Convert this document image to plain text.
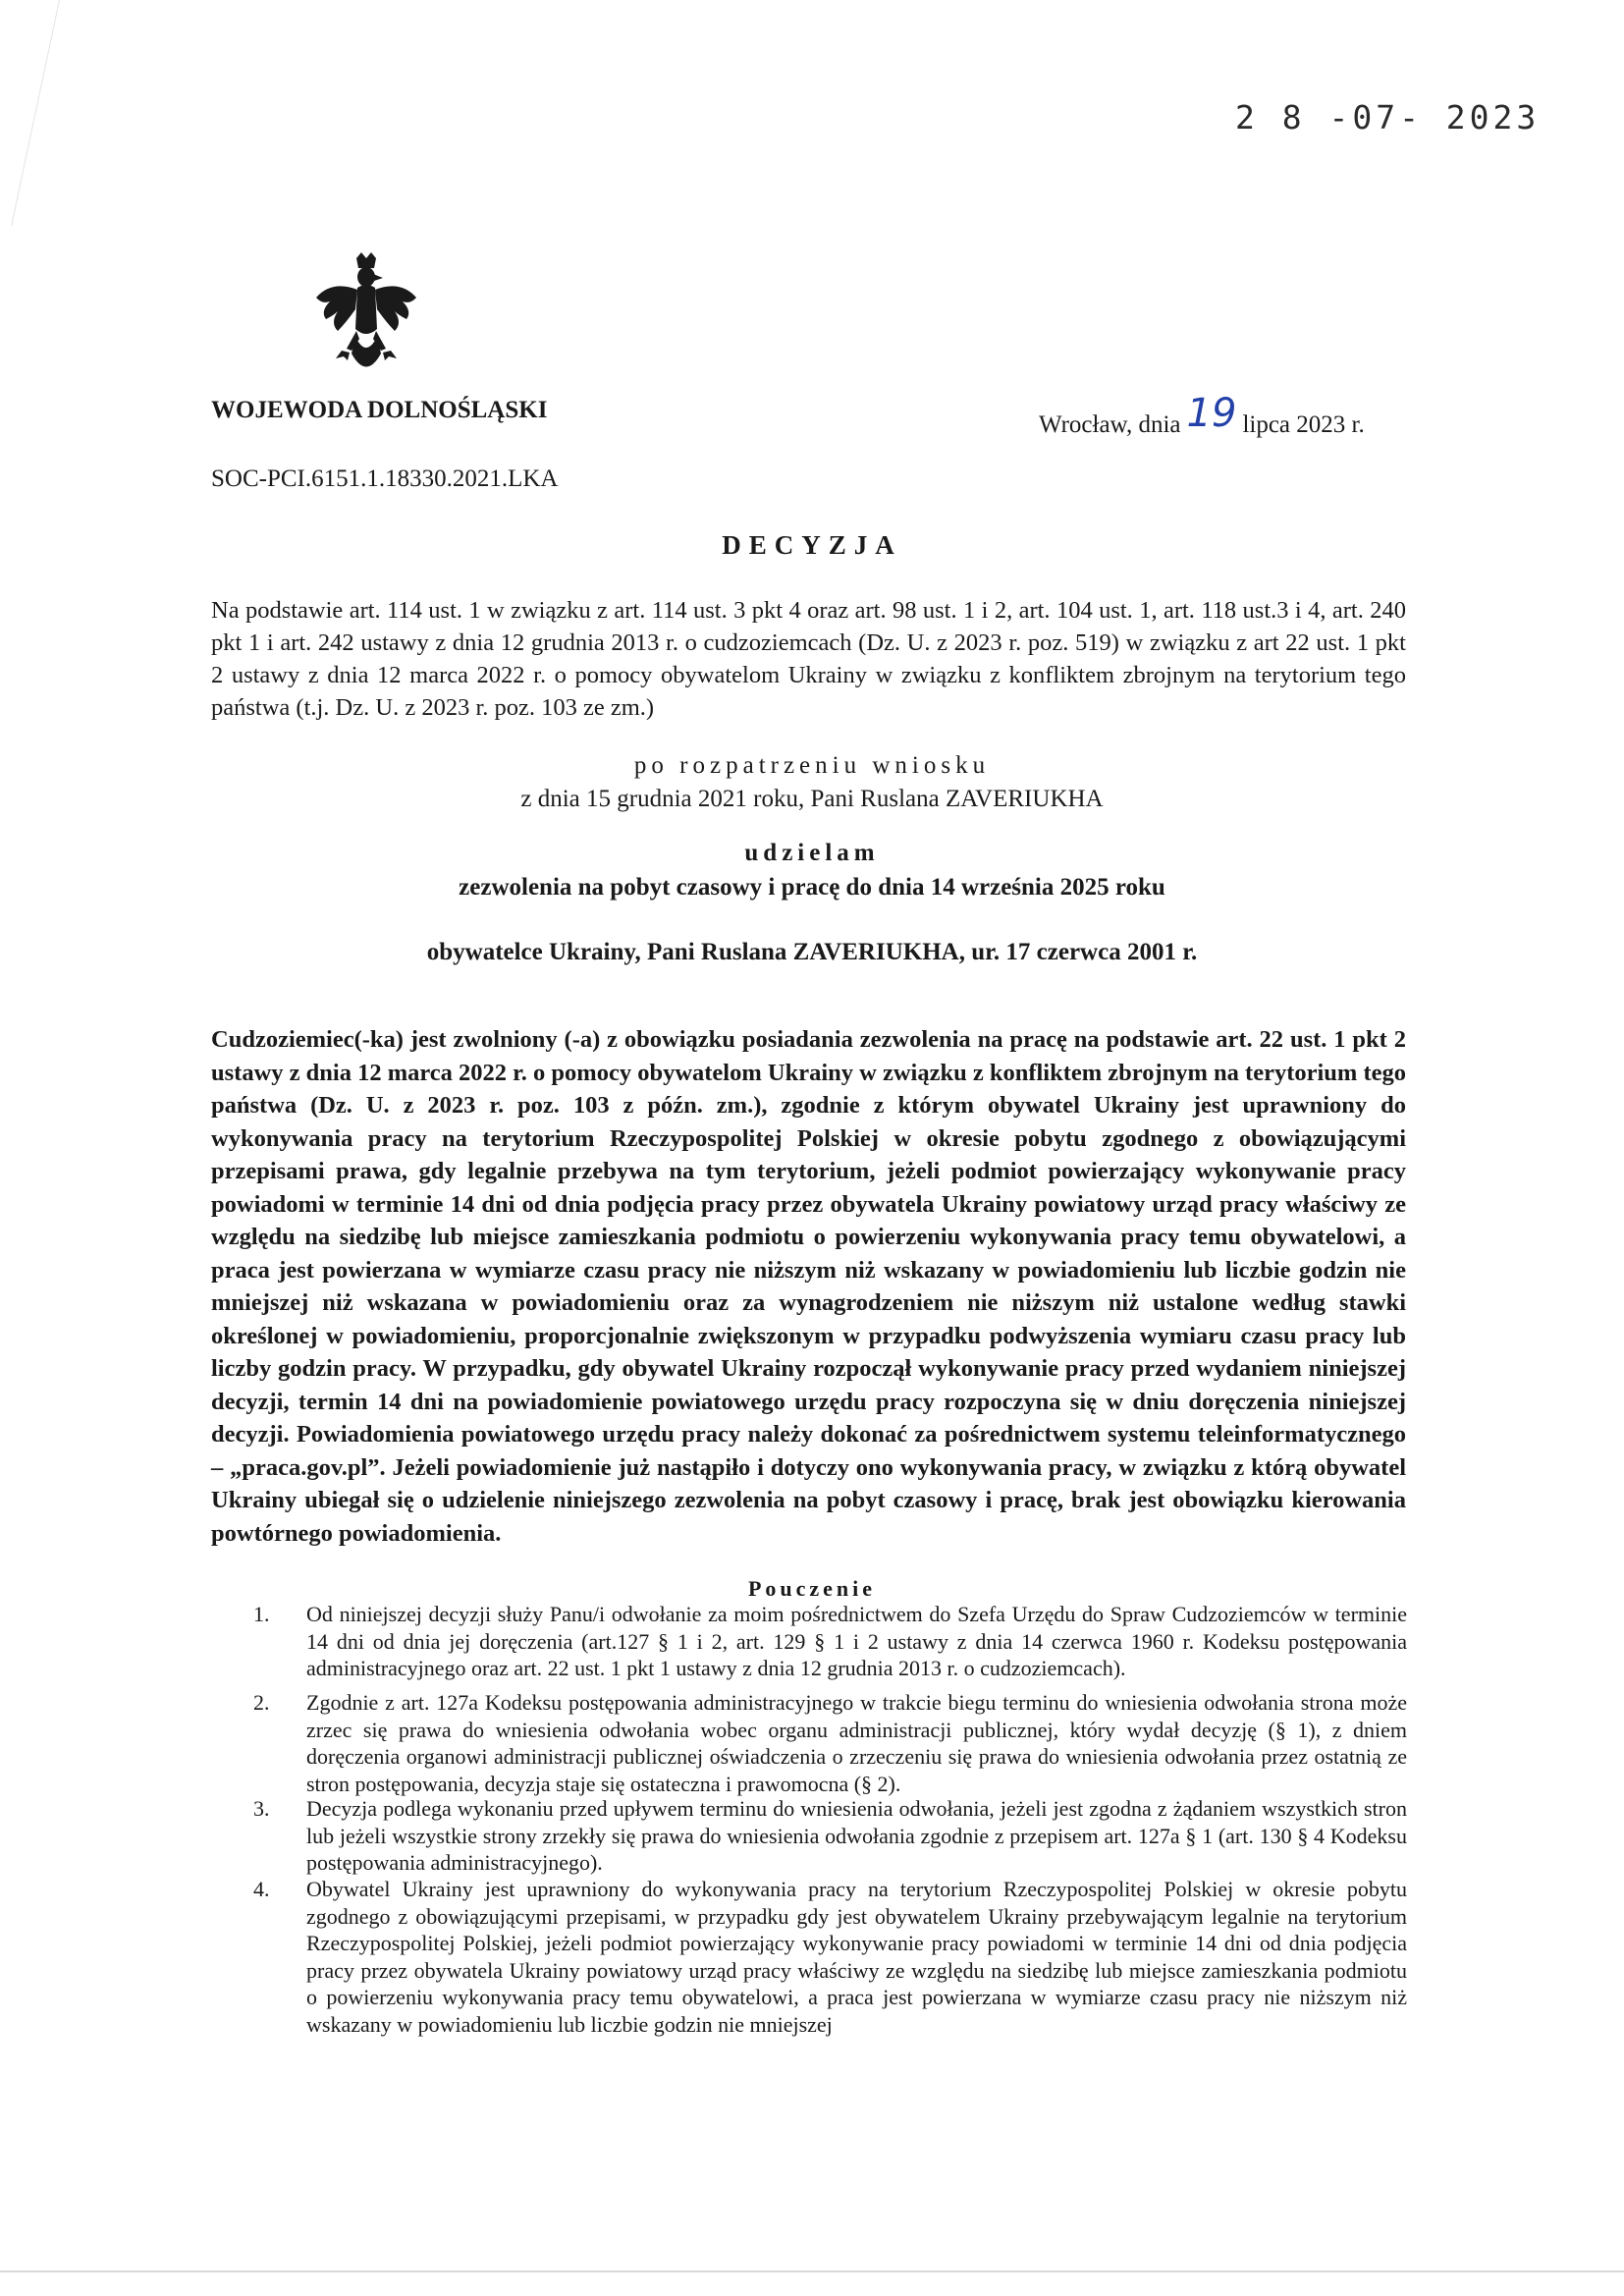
2 8 -07- 2023
WOJEWODA DOLNOŚLĄSKI
Wrocław, dnia 19 lipca 2023 r.
SOC-PCI.6151.1.18330.2021.LKA
DECYZJA
Na podstawie art. 114 ust. 1 w związku z art. 114 ust. 3 pkt 4 oraz art. 98 ust. 1 i 2, art. 104 ust. 1, art. 118 ust.3 i 4, art. 240 pkt 1 i art. 242 ustawy z dnia 12 grudnia 2013 r. o cudzoziemcach (Dz. U. z 2023 r. poz. 519) w związku z art 22 ust. 1 pkt 2 ustawy z dnia 12 marca 2022 r. o pomocy obywatelom Ukrainy w związku z konfliktem zbrojnym na terytorium tego państwa (t.j. Dz. U. z 2023 r. poz. 103 ze zm.)
po rozpatrzeniu wniosku
z dnia 15 grudnia 2021 roku, Pani Ruslana ZAVERIUKHA
udzielam
zezwolenia na pobyt czasowy i pracę do dnia 14 września 2025 roku
obywatelce Ukrainy, Pani Ruslana ZAVERIUKHA, ur. 17 czerwca 2001 r.
Cudzoziemiec(-ka) jest zwolniony (-a) z obowiązku posiadania zezwolenia na pracę na podstawie art. 22 ust. 1 pkt 2 ustawy z dnia 12 marca 2022 r. o pomocy obywatelom Ukrainy w związku z konfliktem zbrojnym na terytorium tego państwa (Dz. U. z 2023 r. poz. 103 z późn. zm.), zgodnie z którym obywatel Ukrainy jest uprawniony do wykonywania pracy na terytorium Rzeczypospolitej Polskiej w okresie pobytu zgodnego z obowiązującymi przepisami prawa, gdy legalnie przebywa na tym terytorium, jeżeli podmiot powierzający wykonywanie pracy powiadomi w terminie 14 dni od dnia podjęcia pracy przez obywatela Ukrainy powiatowy urząd pracy właściwy ze względu na siedzibę lub miejsce zamieszkania podmiotu o powierzeniu wykonywania pracy temu obywatelowi, a praca jest powierzana w wymiarze czasu pracy nie niższym niż wskazany w powiadomieniu lub liczbie godzin nie mniejszej niż wskazana w powiadomieniu oraz za wynagrodzeniem nie niższym niż ustalone według stawki określonej w powiadomieniu, proporcjonalnie zwiększonym w przypadku podwyższenia wymiaru czasu pracy lub liczby godzin pracy. W przypadku, gdy obywatel Ukrainy rozpoczął wykonywanie pracy przed wydaniem niniejszej decyzji, termin 14 dni na powiadomienie powiatowego urzędu pracy rozpoczyna się w dniu doręczenia niniejszej decyzji. Powiadomienia powiatowego urzędu pracy należy dokonać za pośrednictwem systemu teleinformatycznego – „praca.gov.pl”. Jeżeli powiadomienie już nastąpiło i dotyczy ono wykonywania pracy, w związku z którą obywatel Ukrainy ubiegał się o udzielenie niniejszego zezwolenia na pobyt czasowy i pracę, brak jest obowiązku kierowania powtórnego powiadomienia.
Pouczenie
1.	Od niniejszej decyzji służy Panu/i odwołanie za moim pośrednictwem do Szefa Urzędu do Spraw Cudzoziemców w terminie 14 dni od dnia jej doręczenia (art.127 § 1 i 2, art. 129 § 1 i 2 ustawy z dnia 14 czerwca 1960 r. Kodeksu postępowania administracyjnego oraz art. 22 ust. 1 pkt 1 ustawy z dnia 12 grudnia 2013 r. o cudzoziemcach).
2.	Zgodnie z art. 127a Kodeksu postępowania administracyjnego w trakcie biegu terminu do wniesienia odwołania strona może zrzec się prawa do wniesienia odwołania wobec organu administracji publicznej, który wydał decyzję (§ 1), z dniem doręczenia organowi administracji publicznej oświadczenia o zrzeczeniu się prawa do wniesienia odwołania przez ostatnią ze stron postępowania, decyzja staje się ostateczna i prawomocna (§ 2).
3.	Decyzja podlega wykonaniu przed upływem terminu do wniesienia odwołania, jeżeli jest zgodna z żądaniem wszystkich stron lub jeżeli wszystkie strony zrzekły się prawa do wniesienia odwołania zgodnie z przepisem art. 127a § 1 (art. 130 § 4 Kodeksu postępowania administracyjnego).
4.	Obywatel Ukrainy jest uprawniony do wykonywania pracy na terytorium Rzeczypospolitej Polskiej w okresie pobytu zgodnego z obowiązującymi przepisami, w przypadku gdy jest obywatelem Ukrainy przebywającym legalnie na terytorium Rzeczypospolitej Polskiej, jeżeli podmiot powierzający wykonywanie pracy powiadomi w terminie 14 dni od dnia podjęcia pracy przez obywatela Ukrainy powiatowy urząd pracy właściwy ze względu na siedzibę lub miejsce zamieszkania podmiotu o powierzeniu wykonywania pracy temu obywatelowi, a praca jest powierzana w wymiarze czasu pracy nie niższym niż wskazany w powiadomieniu lub liczbie godzin nie mniejszej
